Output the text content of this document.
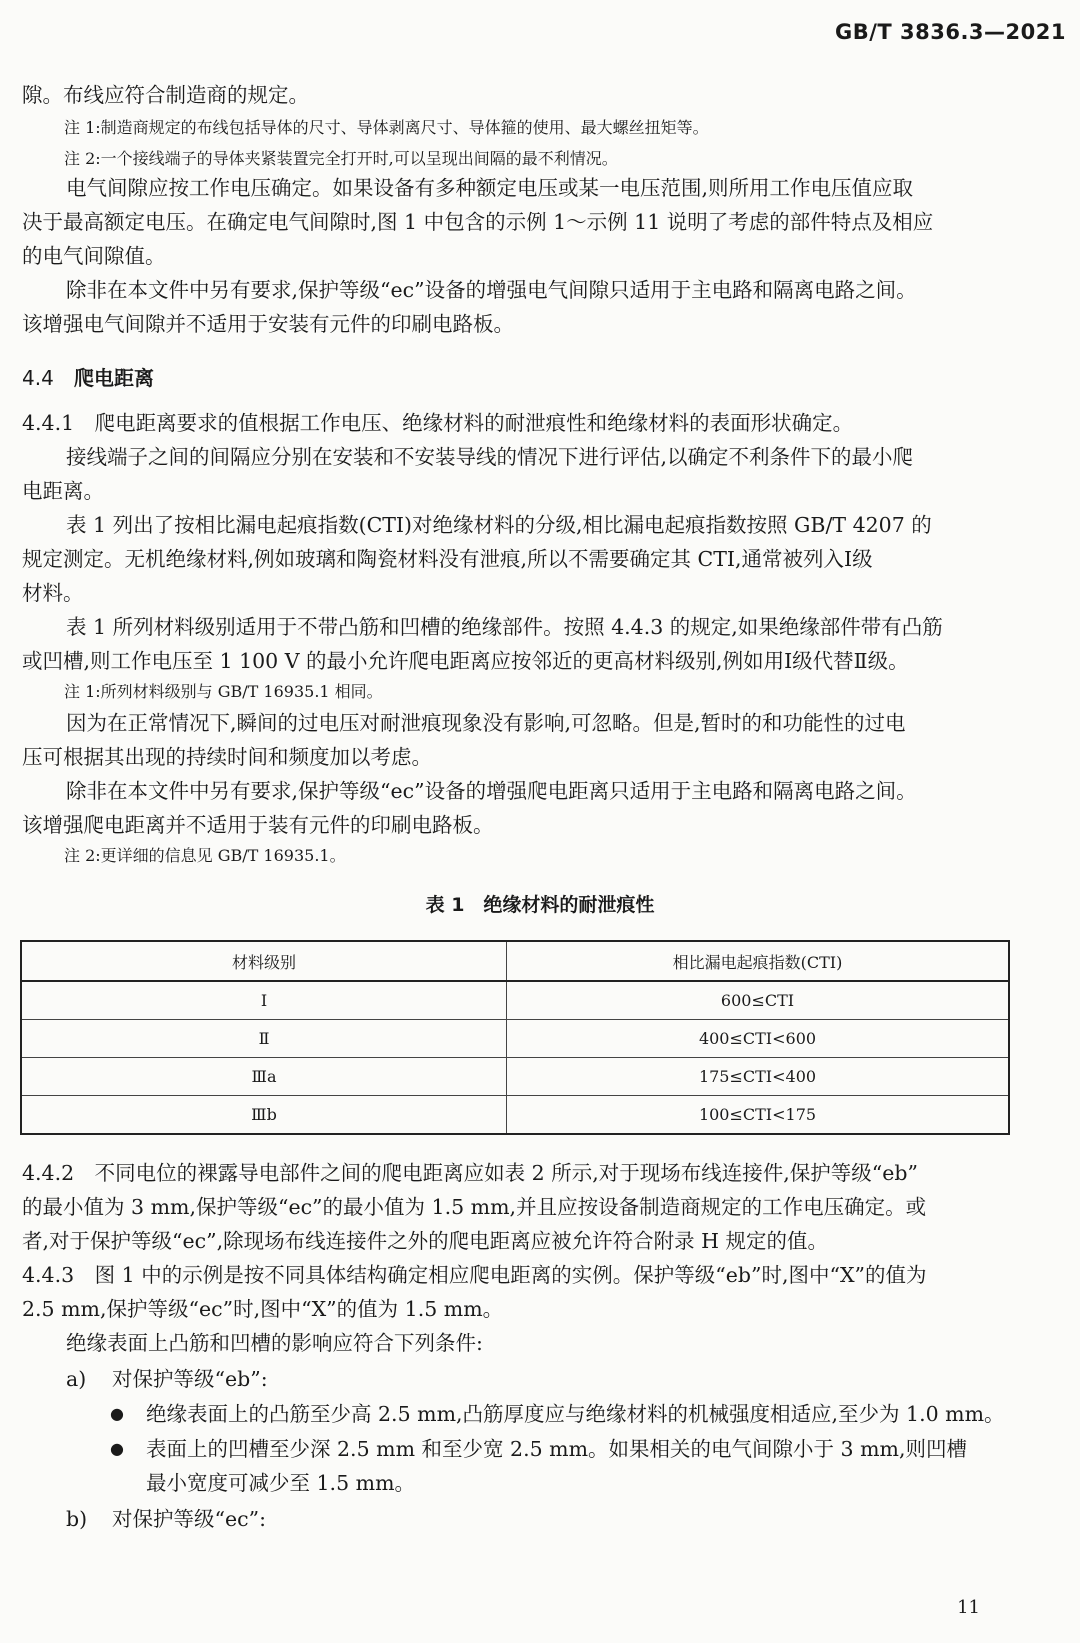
GB/T 3836.3—2021
隙。布线应符合制造商的规定。
注 1:制造商规定的布线包括导体的尺寸、导体剥离尺寸、导体箍的使用、最大螺丝扭矩等。
注 2:一个接线端子的导体夹紧装置完全打开时,可以呈现出间隔的最不利情况。
电气间隙应按工作电压确定。如果设备有多种额定电压或某一电压范围,则所用工作电压值应取
决于最高额定电压。在确定电气间隙时,图 1 中包含的示例 1～示例 11 说明了考虑的部件特点及相应
的电气间隙值。
除非在本文件中另有要求,保护等级“ec”设备的增强电气间隙只适用于主电路和隔离电路之间。
该增强电气间隙并不适用于安装有元件的印刷电路板。
4.4 爬电距离
4.4.1　爬电距离要求的值根据工作电压、绝缘材料的耐泄痕性和绝缘材料的表面形状确定。
接线端子之间的间隔应分别在安装和不安装导线的情况下进行评估,以确定不利条件下的最小爬
电距离。
表 1 列出了按相比漏电起痕指数(CTI)对绝缘材料的分级,相比漏电起痕指数按照 GB/T 4207 的
规定测定。无机绝缘材料,例如玻璃和陶瓷材料没有泄痕,所以不需要确定其 CTI,通常被列入Ⅰ级
材料。
表 1 所列材料级别适用于不带凸筋和凹槽的绝缘部件。按照 4.4.3 的规定,如果绝缘部件带有凸筋
或凹槽,则工作电压至 1 100 V 的最小允许爬电距离应按邻近的更高材料级别,例如用Ⅰ级代替Ⅱ级。
注 1:所列材料级别与 GB/T 16935.1 相同。
因为在正常情况下,瞬间的过电压对耐泄痕现象没有影响,可忽略。但是,暂时的和功能性的过电
压可根据其出现的持续时间和频度加以考虑。
除非在本文件中另有要求,保护等级“ec”设备的增强爬电距离只适用于主电路和隔离电路之间。
该增强爬电距离并不适用于装有元件的印刷电路板。
注 2:更详细的信息见 GB/T 16935.1。
表 1　绝缘材料的耐泄痕性
材料级别	相比漏电起痕指数(CTI)
Ⅰ	600≤CTI
Ⅱ	400≤CTI<600
Ⅲa	175≤CTI<400
Ⅲb	100≤CTI<175
4.4.2　不同电位的裸露导电部件之间的爬电距离应如表 2 所示,对于现场布线连接件,保护等级“eb”
的最小值为 3 mm,保护等级“ec”的最小值为 1.5 mm,并且应按设备制造商规定的工作电压确定。或
者,对于保护等级“ec”,除现场布线连接件之外的爬电距离应被允许符合附录 H 规定的值。
4.4.3　图 1 中的示例是按不同具体结构确定相应爬电距离的实例。保护等级“eb”时,图中“X”的值为
2.5 mm,保护等级“ec”时,图中“X”的值为 1.5 mm。
绝缘表面上凸筋和凹槽的影响应符合下列条件:
a) 对保护等级“eb”:
● 绝缘表面上的凸筋至少高 2.5 mm,凸筋厚度应与绝缘材料的机械强度相适应,至少为 1.0 mm。
● 表面上的凹槽至少深 2.5 mm 和至少宽 2.5 mm。如果相关的电气间隙小于 3 mm,则凹槽
最小宽度可减少至 1.5 mm。
b) 对保护等级“ec”:
11
